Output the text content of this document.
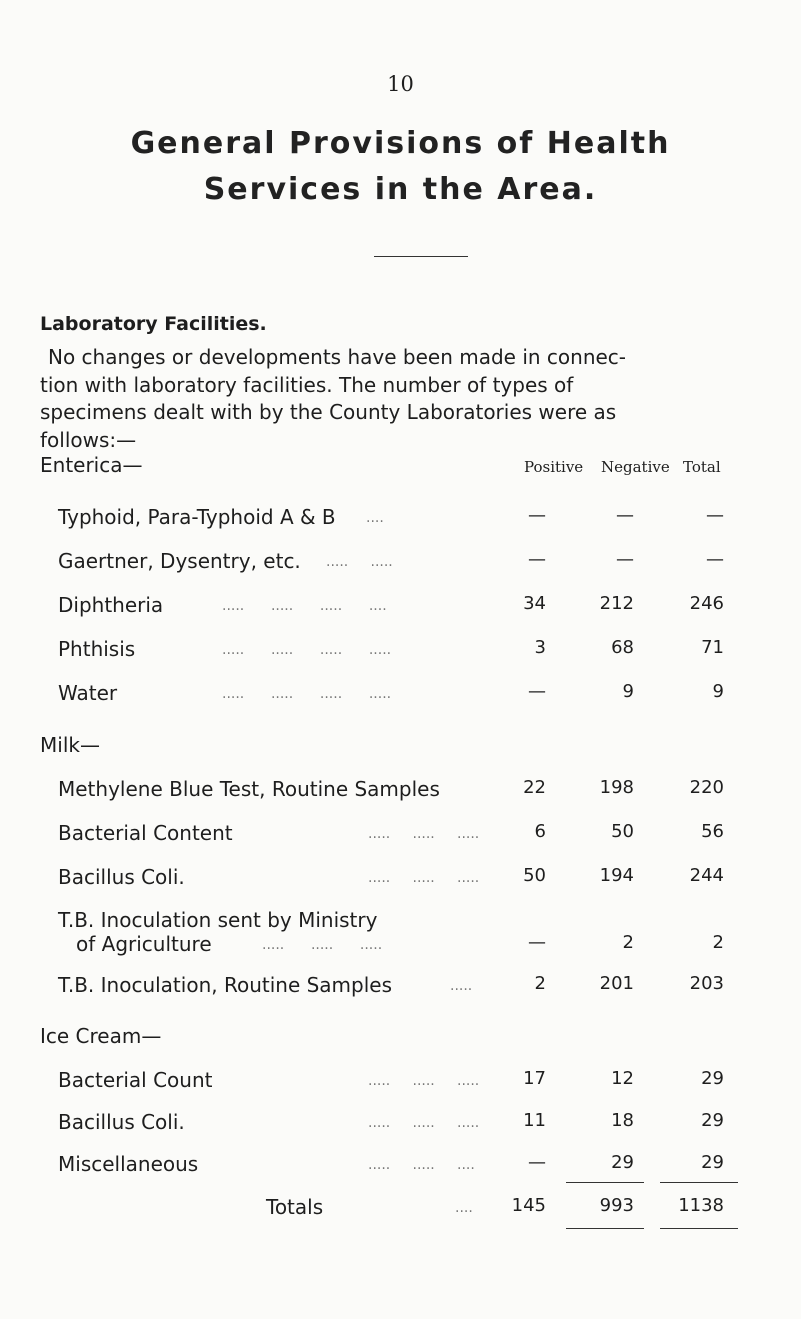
10
General Provisions of Health
Services in the Area.
Laboratory Facilities.
No changes or developments have been made in connec-
tion with laboratory facilities. The number of types of
specimens dealt with by the County Laboratories were as
follows:—
Enterica—	Positive Negative Total
Typhoid, Para-Typhoid A & B ....	—	—	—
Gaertner, Dysentry, etc. .....     .....	—	—	—
Diphtheria	.....      .....      .....      ....	34	212	246
Phthisis	.....      .....      .....      .....	3	68	71
Water	.....      .....      .....      .....	—	9	9
Milk—
Methylene Blue Test, Routine Samples	22	198	220
Bacterial Content	.....     .....     .....	6	50	56
Bacillus Coli.	.....     .....     .....	50	194	244
T.B. Inoculation sent by Ministry
of Agriculture	.....      .....      .....	—	2	2
T.B. Inoculation, Routine Samples	.....	2	201	203
Ice Cream—
Bacterial Count	.....     .....     .....	17	12	29
Bacillus Coli.	.....     .....     .....	11	18	29
Miscellaneous	.....     .....     ....	—	29	29
Totals	....	145	993	1138
